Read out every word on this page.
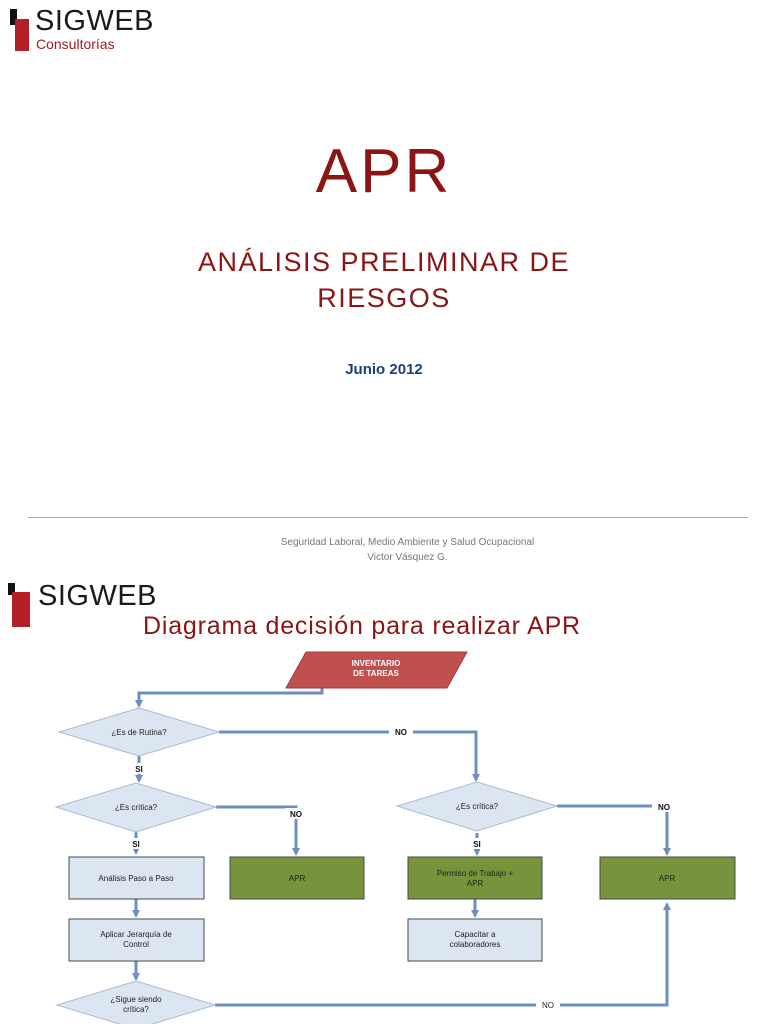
SIGWEB
Consultorías
APR
ANÁLISIS PRELIMINAR DE
RIESGOS
Junio 2012
Seguridad Laboral, Medio Ambiente y Salud Ocupacional
Victor Vásquez G.
SIGWEB
Diagrama decisión para realizar APR
INVENTARIO
DE TAREAS
¿Es de Rutina?
¿Es crítica?	¿Es crítica?
Análisis Paso a Paso	APR
Permiso de Trabajo +
APR
APR
Aplicar Jerarquía de
Control
Capacitar a
colaboradores
¿Sigue siendo
crítica?
NO
SI
NO
SI	SI
NO
NO
